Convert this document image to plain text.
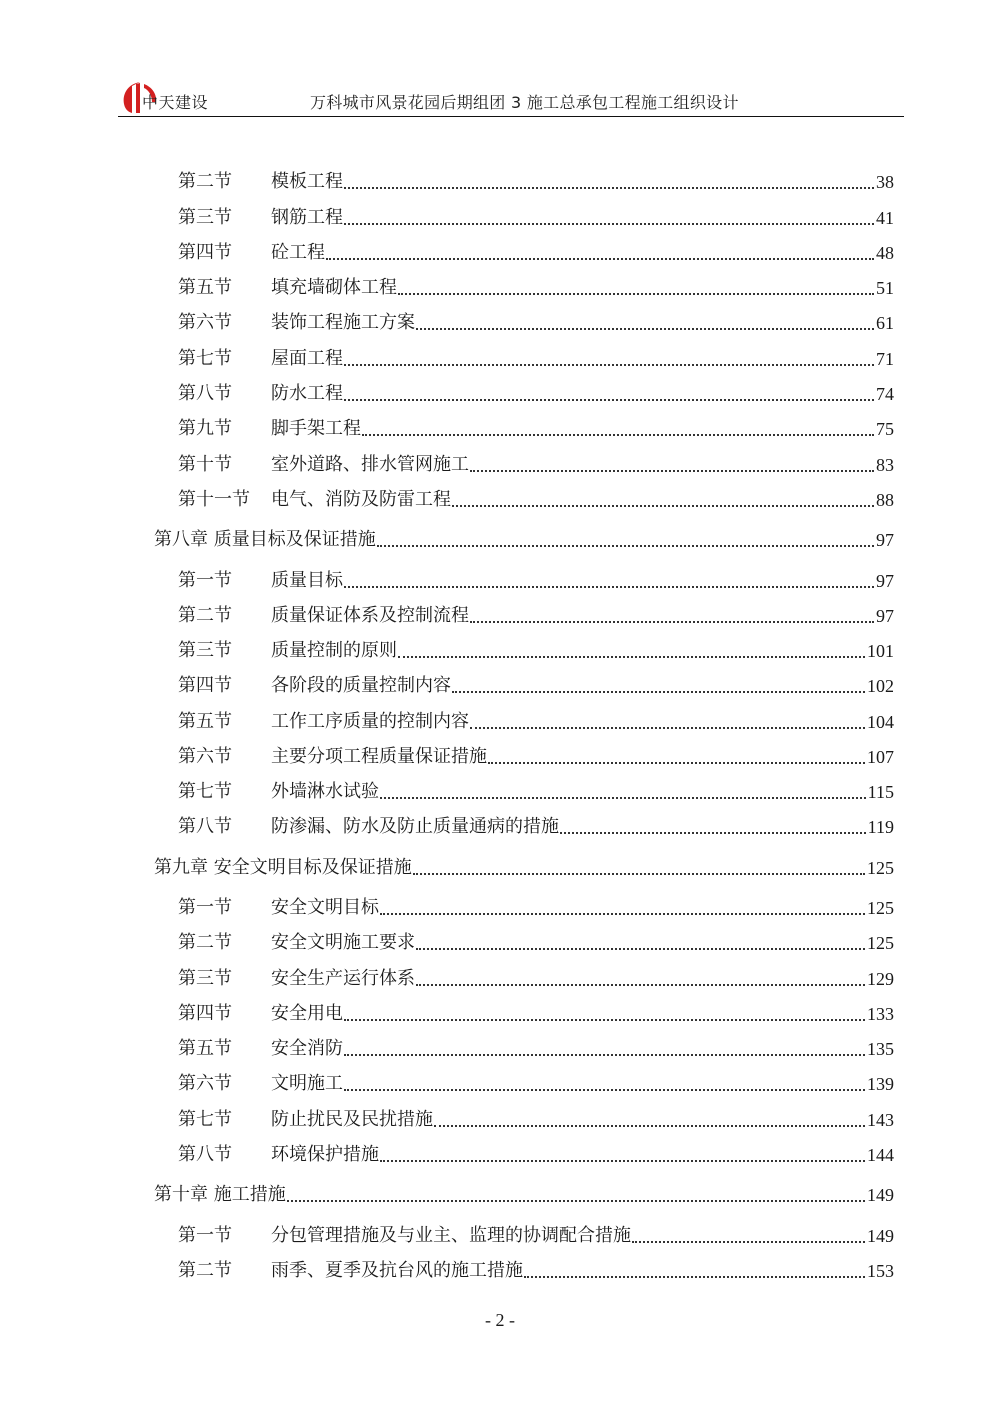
中天建设	万科城市风景花园后期组团 3 施工总承包工程施工组织设计
第二节 模板工程	38
第三节 钢筋工程	41
第四节 砼工程	48
第五节 填充墙砌体工程	51
第六节 装饰工程施工方案	61
第七节 屋面工程	71
第八节 防水工程	74
第九节 脚手架工程	75
第十节 室外道路、排水管网施工	83
第十一节 电气、消防及防雷工程	88
第八章 质量目标及保证措施	97
第一节 质量目标	97
第二节 质量保证体系及控制流程	97
第三节 质量控制的原则	101
第四节 各阶段的质量控制内容	102
第五节 工作工序质量的控制内容	104
第六节 主要分项工程质量保证措施	107
第七节 外墙淋水试验	115
第八节 防渗漏、防水及防止质量通病的措施	119
第九章 安全文明目标及保证措施	125
第一节 安全文明目标	125
第二节 安全文明施工要求	125
第三节 安全生产运行体系	129
第四节 安全用电	133
第五节 安全消防	135
第六节 文明施工	139
第七节 防止扰民及民扰措施	143
第八节 环境保护措施	144
第十章 施工措施	149
第一节 分包管理措施及与业主、监理的协调配合措施	149
第二节 雨季、夏季及抗台风的施工措施	153
- 2 -
